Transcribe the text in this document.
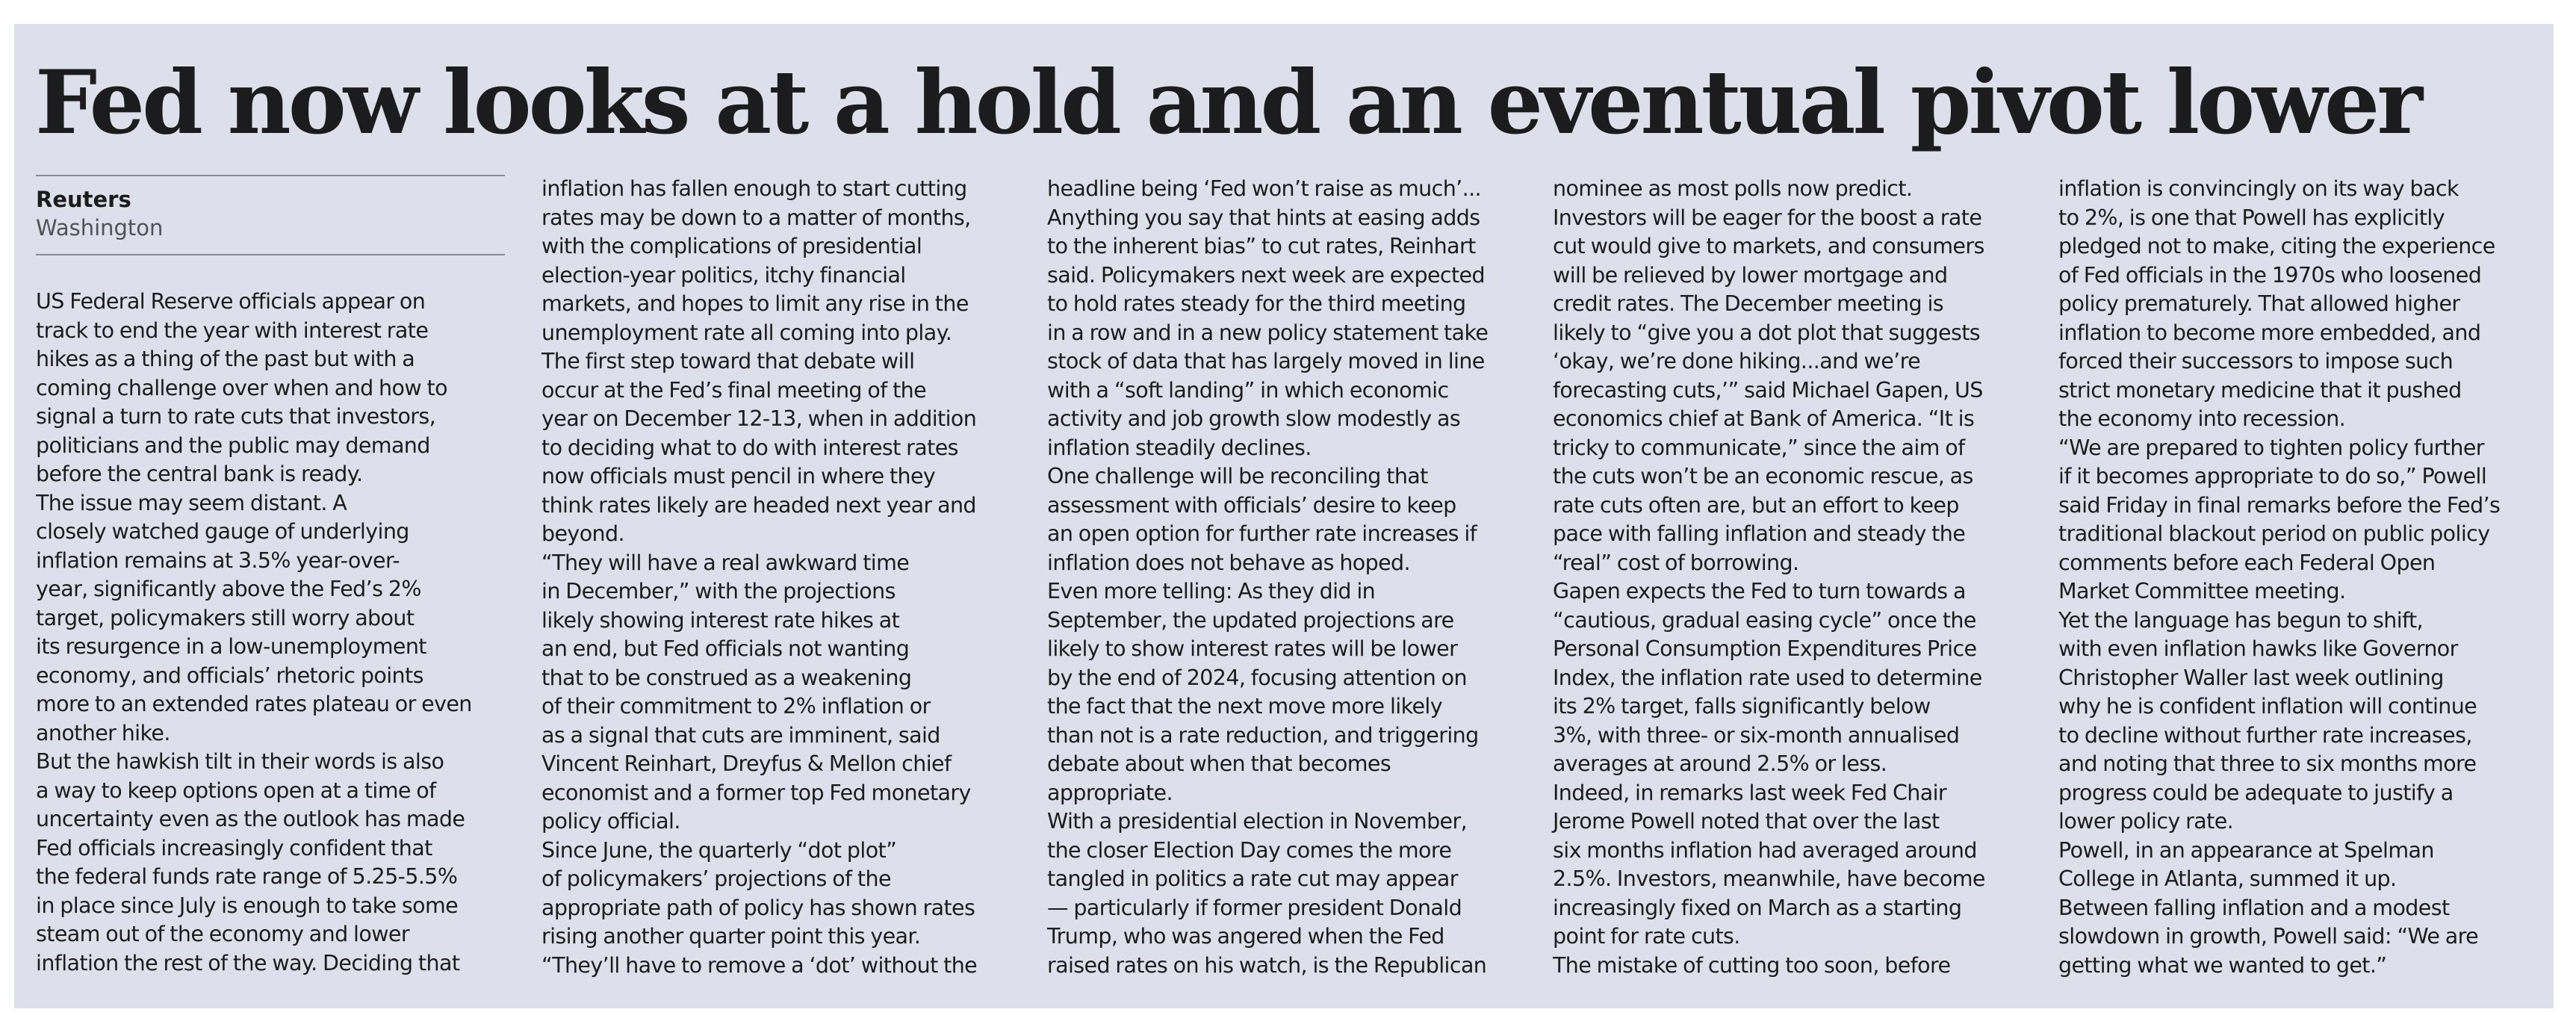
Fed now looks at a hold and an eventual pivot lower
Reuters
Washington

US Federal Reserve officials appear on
track to end the year with interest rate
hikes as a thing of the past but with a
coming challenge over when and how to
signal a turn to rate cuts that investors,
politicians and the public may demand
before the central bank is ready.

The issue may seem distant. A
closely watched gauge of underlying
inflation remains at 3.5% year-over-
year, significantly above the Fed’s 2%
target, policymakers still worry about
its resurgence in a low-unemployment
economy, and officials’ rhetoric points
more to an extended rates plateau or even
another hike.

But the hawkish tilt in their words is also
a way to keep options open at a time of
uncertainty even as the outlook has made
Fed officials increasingly confident that
the federal funds rate range of 5.25-5.5%
in place since July is enough to take some
steam out of the economy and lower
inflation the rest of the way. Deciding that

inflation has fallen enough to start cutting
rates may be down to a matter of months,
with the complications of presidential
election-year politics, itchy financial
markets, and hopes to limit any rise in the
unemployment rate all coming into play.

The first step toward that debate will
occur at the Fed’s final meeting of the
year on December 12-13, when in addition
to deciding what to do with interest rates
now officials must pencil in where they
think rates likely are headed next year and
beyond.

“They will have a real awkward time
in December,” with the projections
likely showing interest rate hikes at
an end, but Fed officials not wanting
that to be construed as a weakening
of their commitment to 2% inflation or
as a signal that cuts are imminent, said
Vincent Reinhart, Dreyfus & Mellon chief
economist and a former top Fed monetary
policy official.

Since June, the quarterly “dot plot”
of policymakers’ projections of the
appropriate path of policy has shown rates
rising another quarter point this year.

“They’ll have to remove a ‘dot’ without the

headline being ‘Fed won’t raise as much’...
Anything you say that hints at easing adds
to the inherent bias” to cut rates, Reinhart
said. Policymakers next week are expected
to hold rates steady for the third meeting
in a row and in a new policy statement take
stock of data that has largely moved in line
with a “soft landing” in which economic
activity and job growth slow modestly as
inflation steadily declines.

One challenge will be reconciling that
assessment with officials’ desire to keep
an open option for further rate increases if
inflation does not behave as hoped.

Even more telling: As they did in
September, the updated projections are
likely to show interest rates will be lower
by the end of 2024, focusing attention on
the fact that the next move more likely
than not is a rate reduction, and triggering
debate about when that becomes
appropriate.

With a presidential election in November,
the closer Election Day comes the more
tangled in politics a rate cut may appear
— particularly if former president Donald
Trump, who was angered when the Fed
raised rates on his watch, is the Republican

nominee as most polls now predict.
Investors will be eager for the boost a rate
cut would give to markets, and consumers
will be relieved by lower mortgage and
credit rates. The December meeting is
likely to “give you a dot plot that suggests
‘okay, we’re done hiking...and we’re
forecasting cuts,’” said Michael Gapen, US
economics chief at Bank of America. “It is
tricky to communicate,” since the aim of
the cuts won’t be an economic rescue, as
rate cuts often are, but an effort to keep
pace with falling inflation and steady the
“real” cost of borrowing.

Gapen expects the Fed to turn towards a
“cautious, gradual easing cycle” once the
Personal Consumption Expenditures Price
Index, the inflation rate used to determine
its 2% target, falls significantly below
3%, with three- or six-month annualised
averages at around 2.5% or less.

Indeed, in remarks last week Fed Chair
Jerome Powell noted that over the last
six months inflation had averaged around
2.5%. Investors, meanwhile, have become
increasingly fixed on March as a starting
point for rate cuts.

The mistake of cutting too soon, before

inflation is convincingly on its way back
to 2%, is one that Powell has explicitly
pledged not to make, citing the experience
of Fed officials in the 1970s who loosened
policy prematurely. That allowed higher
inflation to become more embedded, and
forced their successors to impose such
strict monetary medicine that it pushed
the economy into recession.

“We are prepared to tighten policy further
if it becomes appropriate to do so,” Powell
said Friday in final remarks before the Fed’s
traditional blackout period on public policy
comments before each Federal Open
Market Committee meeting.

Yet the language has begun to shift,
with even inflation hawks like Governor
Christopher Waller last week outlining
why he is confident inflation will continue
to decline without further rate increases,
and noting that three to six months more
progress could be adequate to justify a
lower policy rate.

Powell, in an appearance at Spelman
College in Atlanta, summed it up.
Between falling inflation and a modest
slowdown in growth, Powell said: “We are
getting what we wanted to get.”
